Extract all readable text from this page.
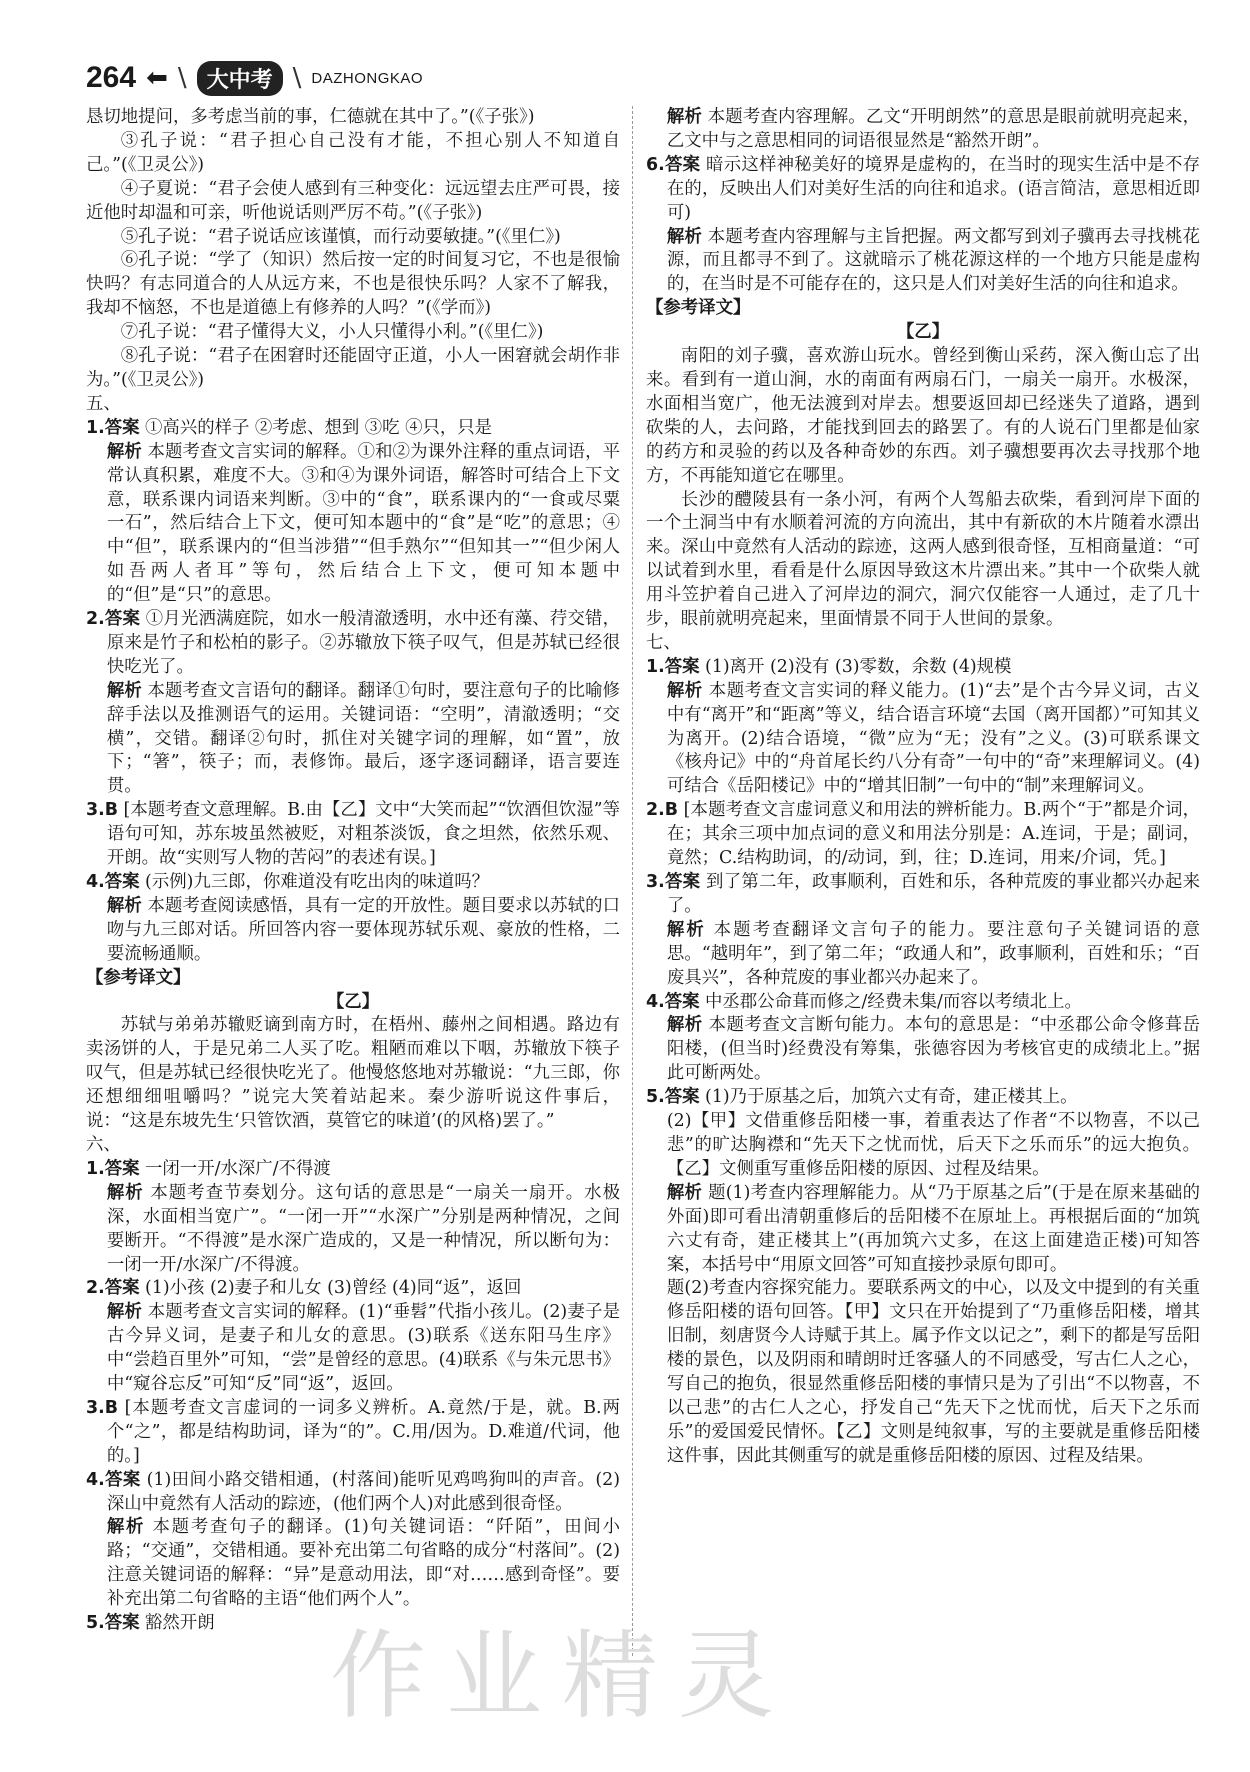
264 ⬅ \ 大中考 \ DAZHONGKAO

恳切地提问，多考虑当前的事，仁德就在其中了。”(《子张》)

③孔子说：“君子担心自己没有才能，不担心别人不知道自己。”(《卫灵公》)

④子夏说：“君子会使人感到有三种变化：远远望去庄严可畏，接近他时却温和可亲，听他说话则严厉不苟。”(《子张》)

⑤孔子说：“君子说话应该谨慎，而行动要敏捷。”(《里仁》)

⑥孔子说：“学了（知识）然后按一定的时间复习它，不也是很愉快吗？有志同道合的人从远方来，不也是很快乐吗？人家不了解我，我却不恼怒，不也是道德上有修养的人吗？”(《学而》)

⑦孔子说：“君子懂得大义，小人只懂得小利。”(《里仁》)

⑧孔子说：“君子在困窘时还能固守正道，小人一困窘就会胡作非为。”(《卫灵公》)

五、

1.答案 ①高兴的样子 ②考虑、想到 ③吃 ④只，只是

解析 本题考查文言实词的解释。①和②为课外注释的重点词语，平常认真积累，难度不大。③和④为课外词语，解答时可结合上下文意，联系课内词语来判断。③中的“食”，联系课内的“一食或尽粟一石”，然后结合上下文，便可知本题中的“食”是“吃”的意思；④中“但”，联系课内的“但当涉猎”“但手熟尔”“但知其一”“但少闲人如吾两人者耳”等句，然后结合上下文，便可知本题中的“但”是“只”的意思。

2.答案 ①月光洒满庭院，如水一般清澈透明，水中还有藻、荇交错，原来是竹子和松柏的影子。②苏辙放下筷子叹气，但是苏轼已经很快吃光了。

解析 本题考查文言语句的翻译。翻译①句时，要注意句子的比喻修辞手法以及推测语气的运用。关键词语：“空明”，清澈透明；“交横”，交错。翻译②句时，抓住对关键字词的理解，如“置”，放下；“箸”，筷子；而，表修饰。最后，逐字逐词翻译，语言要连贯。

3.B [本题考查文意理解。B.由【乙】文中“大笑而起”“饮酒但饮湿”等语句可知，苏东坡虽然被贬，对粗茶淡饭，食之坦然，依然乐观、开朗。故“实则写人物的苦闷”的表述有误。]

4.答案 (示例)九三郎，你难道没有吃出肉的味道吗？

解析 本题考查阅读感悟，具有一定的开放性。题目要求以苏轼的口吻与九三郎对话。所回答内容一要体现苏轼乐观、豪放的性格，二要流畅通顺。

【参考译文】

【乙】

苏轼与弟弟苏辙贬谪到南方时，在梧州、藤州之间相遇。路边有卖汤饼的人，于是兄弟二人买了吃。粗陋而难以下咽，苏辙放下筷子叹气，但是苏轼已经很快吃光了。他慢悠悠地对苏辙说：“九三郎，你还想细细咀嚼吗？”说完大笑着站起来。秦少游听说这件事后，说：“这是东坡先生‘只管饮酒，莫管它的味道’(的风格)罢了。”

六、

1.答案 一闭一开/水深广/不得渡

解析 本题考查节奏划分。这句话的意思是“一扇关一扇开。水极深，水面相当宽广”。“一闭一开”“水深广”分别是两种情况，之间要断开。“不得渡”是水深广造成的，又是一种情况，所以断句为：一闭一开/水深广/不得渡。

2.答案 (1)小孩 (2)妻子和儿女 (3)曾经 (4)同“返”，返回

解析 本题考查文言实词的解释。(1)“垂髫”代指小孩儿。(2)妻子是古今异义词，是妻子和儿女的意思。(3)联系《送东阳马生序》中“尝趋百里外”可知，“尝”是曾经的意思。(4)联系《与朱元思书》中“窥谷忘反”可知“反”同“返”，返回。

3.B [本题考查文言虚词的一词多义辨析。A.竟然/于是，就。B.两个“之”，都是结构助词，译为“的”。C.用/因为。D.难道/代词，他的。]

4.答案 (1)田间小路交错相通，(村落间)能听见鸡鸣狗叫的声音。(2)深山中竟然有人活动的踪迹，(他们两个人)对此感到很奇怪。

解析 本题考查句子的翻译。(1)句关键词语：“阡陌”，田间小路；“交通”，交错相通。要补充出第二句省略的成分“村落间”。(2)注意关键词语的解释：“异”是意动用法，即“对……感到奇怪”。要补充出第二句省略的主语“他们两个人”。

5.答案 豁然开朗

解析 本题考查内容理解。乙文“开明朗然”的意思是眼前就明亮起来，乙文中与之意思相同的词语很显然是“豁然开朗”。

6.答案 暗示这样神秘美好的境界是虚构的，在当时的现实生活中是不存在的，反映出人们对美好生活的向往和追求。(语言简洁，意思相近即可)

解析 本题考查内容理解与主旨把握。两文都写到刘子骥再去寻找桃花源，而且都寻不到了。这就暗示了桃花源这样的一个地方只能是虚构的，在当时是不可能存在的，这只是人们对美好生活的向往和追求。

【参考译文】

【乙】

南阳的刘子骥，喜欢游山玩水。曾经到衡山采药，深入衡山忘了出来。看到有一道山涧，水的南面有两扇石门，一扇关一扇开。水极深，水面相当宽广，他无法渡到对岸去。想要返回却已经迷失了道路，遇到砍柴的人，去问路，才能找到回去的路罢了。有的人说石门里都是仙家的药方和灵验的药以及各种奇妙的东西。刘子骥想要再次去寻找那个地方，不再能知道它在哪里。

长沙的醴陵县有一条小河，有两个人驾船去砍柴，看到河岸下面的一个土洞当中有水顺着河流的方向流出，其中有新砍的木片随着水漂出来。深山中竟然有人活动的踪迹，这两人感到很奇怪，互相商量道：“可以试着到水里，看看是什么原因导致这木片漂出来。”其中一个砍柴人就用斗笠护着自己进入了河岸边的洞穴，洞穴仅能容一人通过，走了几十步，眼前就明亮起来，里面情景不同于人世间的景象。

七、

1.答案 (1)离开 (2)没有 (3)零数，余数 (4)规模

解析 本题考查文言实词的释义能力。(1)“去”是个古今异义词，古义中有“离开”和“距离”等义，结合语言环境“去国（离开国都）”可知其义为离开。(2)结合语境，“微”应为“无；没有”之义。(3)可联系课文《核舟记》中的“舟首尾长约八分有奇”一句中的“奇”来理解词义。(4)可结合《岳阳楼记》中的“增其旧制”一句中的“制”来理解词义。

2.B [本题考查文言虚词意义和用法的辨析能力。B.两个“于”都是介词，在；其余三项中加点词的意义和用法分别是：A.连词，于是；副词，竟然；C.结构助词，的/动词，到，往；D.连词，用来/介词，凭。]

3.答案 到了第二年，政事顺利，百姓和乐，各种荒废的事业都兴办起来了。

解析 本题考查翻译文言句子的能力。要注意句子关键词语的意思。“越明年”，到了第二年；“政通人和”，政事顺利，百姓和乐；“百废具兴”，各种荒废的事业都兴办起来了。

4.答案 中丞郡公命葺而修之/经费未集/而容以考绩北上。

解析 本题考查文言断句能力。本句的意思是：“中丞郡公命令修葺岳阳楼，(但当时)经费没有筹集，张德容因为考核官吏的成绩北上。”据此可断两处。

5.答案 (1)乃于原基之后，加筑六丈有奇，建正楼其上。

(2)【甲】文借重修岳阳楼一事，着重表达了作者“不以物喜，不以己悲”的旷达胸襟和“先天下之忧而忧，后天下之乐而乐”的远大抱负。【乙】文侧重写重修岳阳楼的原因、过程及结果。

解析 题(1)考查内容理解能力。从“乃于原基之后”(于是在原来基础的外面)即可看出清朝重修后的岳阳楼不在原址上。再根据后面的“加筑六丈有奇，建正楼其上”(再加筑六丈多，在这上面建造正楼)可知答案，本括号中“用原文回答”可知直接抄录原句即可。

题(2)考查内容探究能力。要联系两文的中心，以及文中提到的有关重修岳阳楼的语句回答。【甲】文只在开始提到了“乃重修岳阳楼，增其旧制，刻唐贤今人诗赋于其上。属予作文以记之”，剩下的都是写岳阳楼的景色，以及阴雨和晴朗时迁客骚人的不同感受，写古仁人之心，写自己的抱负，很显然重修岳阳楼的事情只是为了引出“不以物喜，不以己悲”的古仁人之心，抒发自己“先天下之忧而忧，后天下之乐而乐”的爱国爱民情怀。【乙】文则是纯叙事，写的主要就是重修岳阳楼这件事，因此其侧重写的就是重修岳阳楼的原因、过程及结果。

作业精灵
